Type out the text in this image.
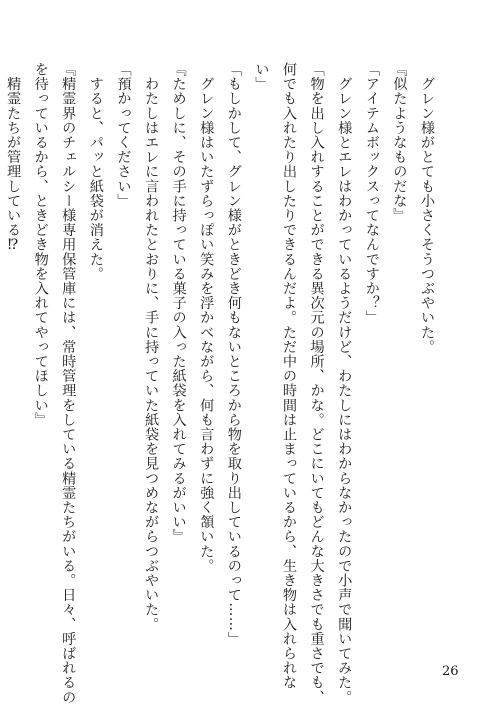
　グレン様がとても小さくそうつぶやいた。
『似たようなものだな』
「アイテムボックスってなんですか？」
　グレン様とエレはわかっているようだけど、わたしにはわからなかったので小声で聞いてみた。
「物を出し入れすることができる異次元の場所、かな。どこにいてもどんな大きさでも重さでも、
何でも入れたり出したりできるんだよ。ただ中の時間は止まっているから、生き物は入れられな
い」
「もしかして、グレン様がときどき何もないところから物を取り出しているのって……」
　グレン様はいたずらっぽい笑みを浮かべながら、何も言わずに強く頷いた。
『ためしに、その手に持っている菓子の入った紙袋を入れてみるがいい』
　わたしはエレに言われたとおりに、手に持っていた紙袋を見つめながらつぶやいた。
「預かってください」
　すると、パッと紙袋が消えた。
『精霊界のチェルシー様専用保管庫には、常時管理をしている精霊たちがいる。日々、呼ばれるの
を待っているから、ときどき物を入れてやってほしい』
　精霊たちが管理している⁉
26
